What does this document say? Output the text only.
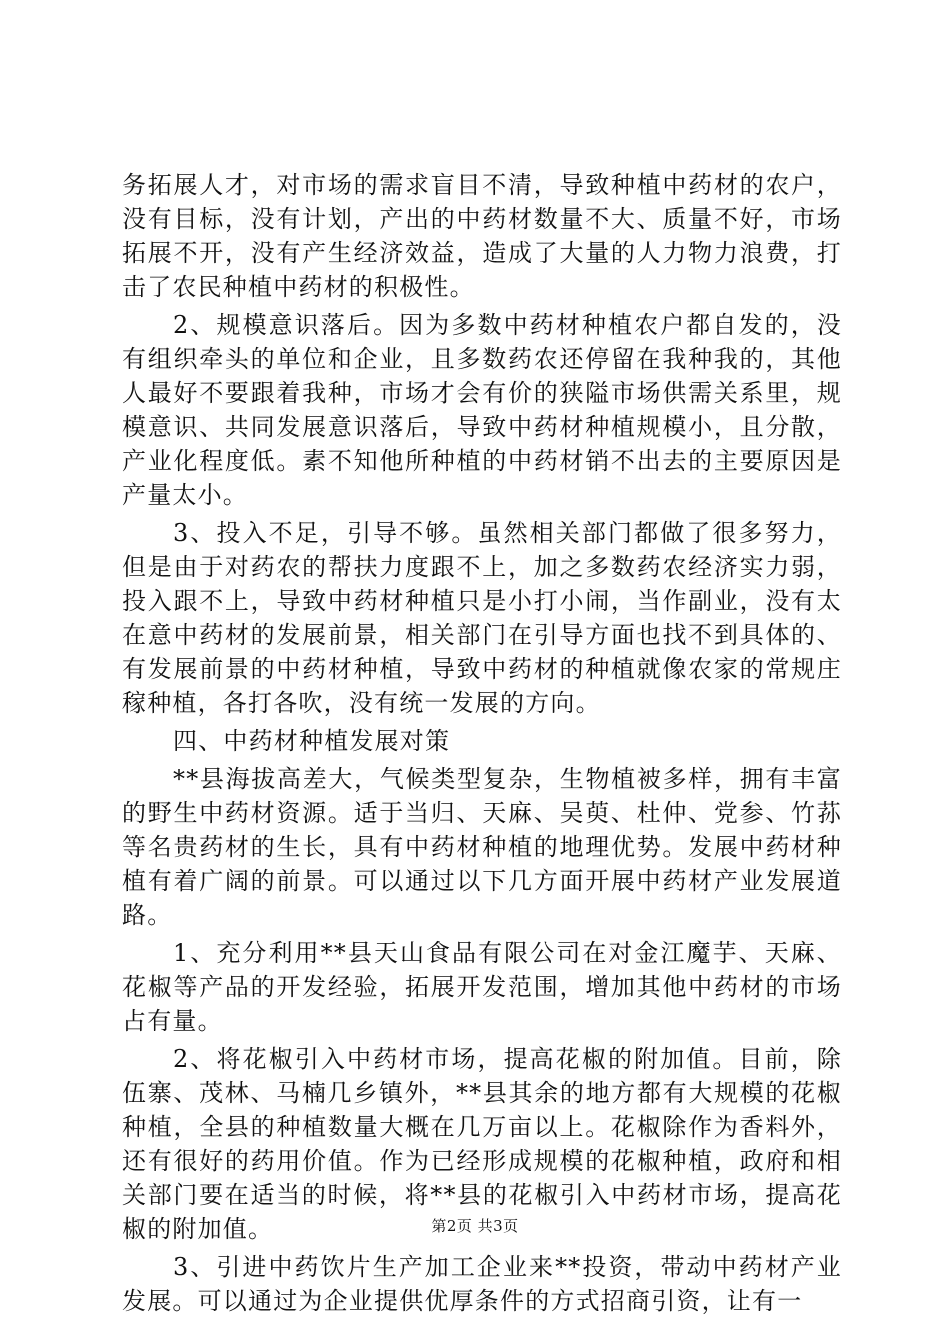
务拓展人才，对市场的需求盲目不清，导致种植中药材的农户，没有目标，没有计划，产出的中药材数量不大、质量不好，市场拓展不开，没有产生经济效益，造成了大量的人力物力浪费，打击了农民种植中药材的积极性。

2、规模意识落后。因为多数中药材种植农户都自发的，没有组织牵头的单位和企业，且多数药农还停留在我种我的，其他人最好不要跟着我种，市场才会有价的狭隘市场供需关系里，规模意识、共同发展意识落后，导致中药材种植规模小，且分散，产业化程度低。素不知他所种植的中药材销不出去的主要原因是产量太小。

3、投入不足，引导不够。虽然相关部门都做了很多努力，但是由于对药农的帮扶力度跟不上，加之多数药农经济实力弱，投入跟不上，导致中药材种植只是小打小闹，当作副业，没有太在意中药材的发展前景，相关部门在引导方面也找不到具体的、有发展前景的中药材种植，导致中药材的种植就像农家的常规庄稼种植，各打各吹，没有统一发展的方向。

四、中药材种植发展对策

**县海拔高差大，气候类型复杂，生物植被多样，拥有丰富的野生中药材资源。适于当归、天麻、吴萸、杜仲、党参、竹荪等名贵药材的生长，具有中药材种植的地理优势。发展中药材种植有着广阔的前景。可以通过以下几方面开展中药材产业发展道路。

1、充分利用**县天山食品有限公司在对金江魔芋、天麻、花椒等产品的开发经验，拓展开发范围，增加其他中药材的市场占有量。

2、将花椒引入中药材市场，提高花椒的附加值。目前，除伍寨、茂林、马楠几乡镇外，**县其余的地方都有大规模的花椒种植，全县的种植数量大概在几万亩以上。花椒除作为香料外，还有很好的药用价值。作为已经形成规模的花椒种植，政府和相关部门要在适当的时候，将**县的花椒引入中药材市场，提高花椒的附加值。

3、引进中药饮片生产加工企业来**投资，带动中药材产业发展。可以通过为企业提供优厚条件的方式招商引资，让有一

第2页 共3页
